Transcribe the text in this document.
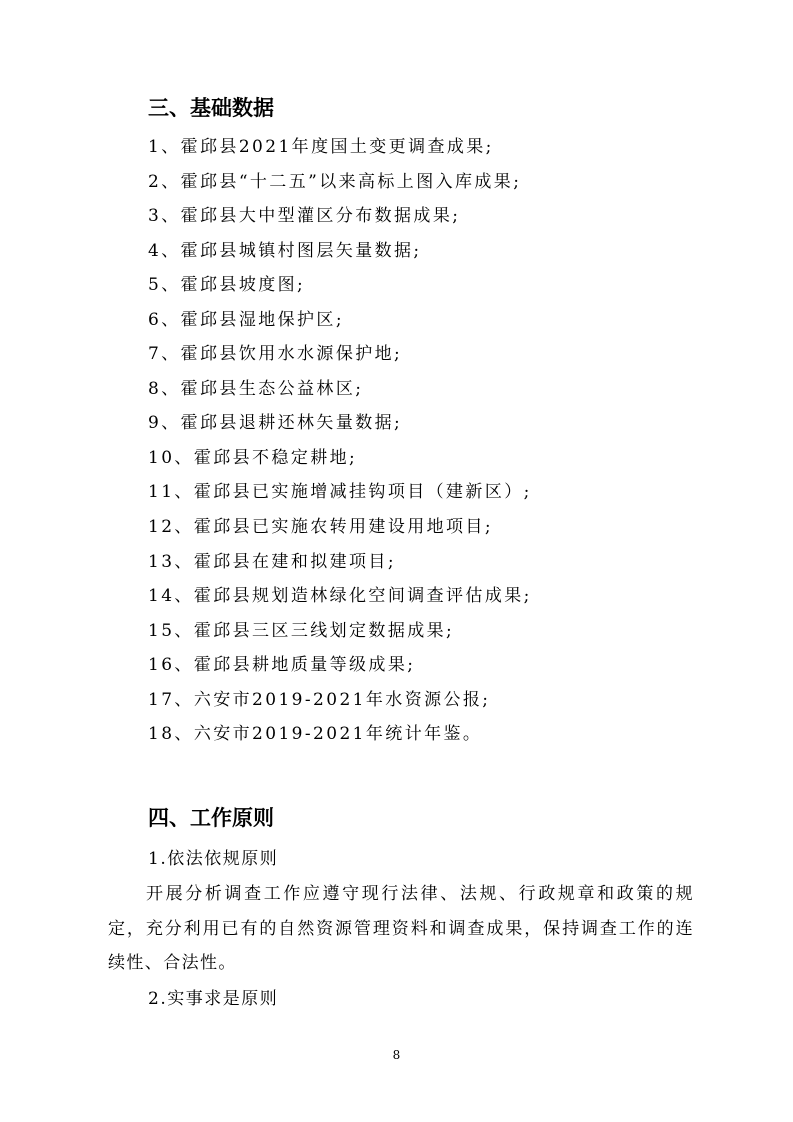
三、基础数据
1、霍邱县2021年度国土变更调查成果;
2、霍邱县“十二五”以来高标上图入库成果;
3、霍邱县大中型灌区分布数据成果;
4、霍邱县城镇村图层矢量数据;
5、霍邱县坡度图;
6、霍邱县湿地保护区;
7、霍邱县饮用水水源保护地;
8、霍邱县生态公益林区;
9、霍邱县退耕还林矢量数据;
10、霍邱县不稳定耕地;
11、霍邱县已实施增减挂钩项目（建新区）;
12、霍邱县已实施农转用建设用地项目;
13、霍邱县在建和拟建项目;
14、霍邱县规划造林绿化空间调查评估成果;
15、霍邱县三区三线划定数据成果;
16、霍邱县耕地质量等级成果;
17、六安市2019-2021年水资源公报;
18、六安市2019-2021年统计年鉴。
四、工作原则
1.依法依规原则

开展分析调查工作应遵守现行法律、法规、行政规章和政策的规定，充分利用已有的自然资源管理资料和调查成果，保持调查工作的连续性、合法性。

2.实事求是原则
8
